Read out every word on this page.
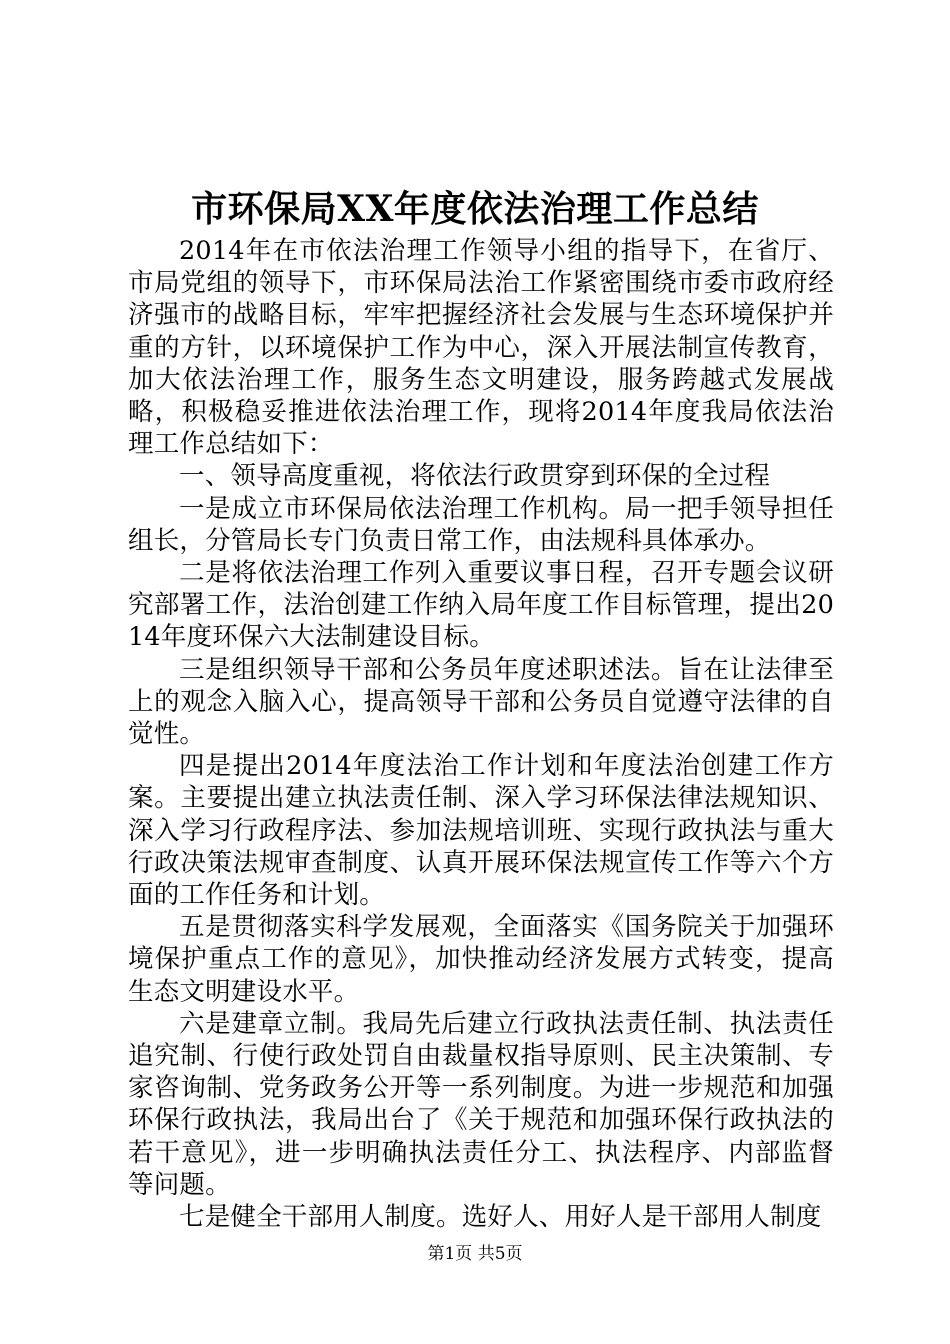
市环保局XX年度依法治理工作总结

2014年在市依法治理工作领导小组的指导下，在省厅、市局党组的领导下，市环保局法治工作紧密围绕市委市政府经济强市的战略目标，牢牢把握经济社会发展与生态环境保护并重的方针，以环境保护工作为中心，深入开展法制宣传教育，加大依法治理工作，服务生态文明建设，服务跨越式发展战略，积极稳妥推进依法治理工作，现将2014年度我局依法治理工作总结如下：

一、领导高度重视，将依法行政贯穿到环保的全过程

一是成立市环保局依法治理工作机构。局一把手领导担任组长，分管局长专门负责日常工作，由法规科具体承办。

二是将依法治理工作列入重要议事日程，召开专题会议研究部署工作，法治创建工作纳入局年度工作目标管理，提出2014年度环保六大法制建设目标。

三是组织领导干部和公务员年度述职述法。旨在让法律至上的观念入脑入心，提高领导干部和公务员自觉遵守法律的自觉性。

四是提出2014年度法治工作计划和年度法治创建工作方案。主要提出建立执法责任制、深入学习环保法律法规知识、深入学习行政程序法、参加法规培训班、实现行政执法与重大行政决策法规审查制度、认真开展环保法规宣传工作等六个方面的工作任务和计划。

五是贯彻落实科学发展观，全面落实《国务院关于加强环境保护重点工作的意见》，加快推动经济发展方式转变，提高生态文明建设水平。

六是建章立制。我局先后建立行政执法责任制、执法责任追究制、行使行政处罚自由裁量权指导原则、民主决策制、专家咨询制、党务政务公开等一系列制度。为进一步规范和加强环保行政执法，我局出台了《关于规范和加强环保行政执法的若干意见》，进一步明确执法责任分工、执法程序、内部监督等问题。

七是健全干部用人制度。选好人、用好人是干部用人制度

第1页 共5页
